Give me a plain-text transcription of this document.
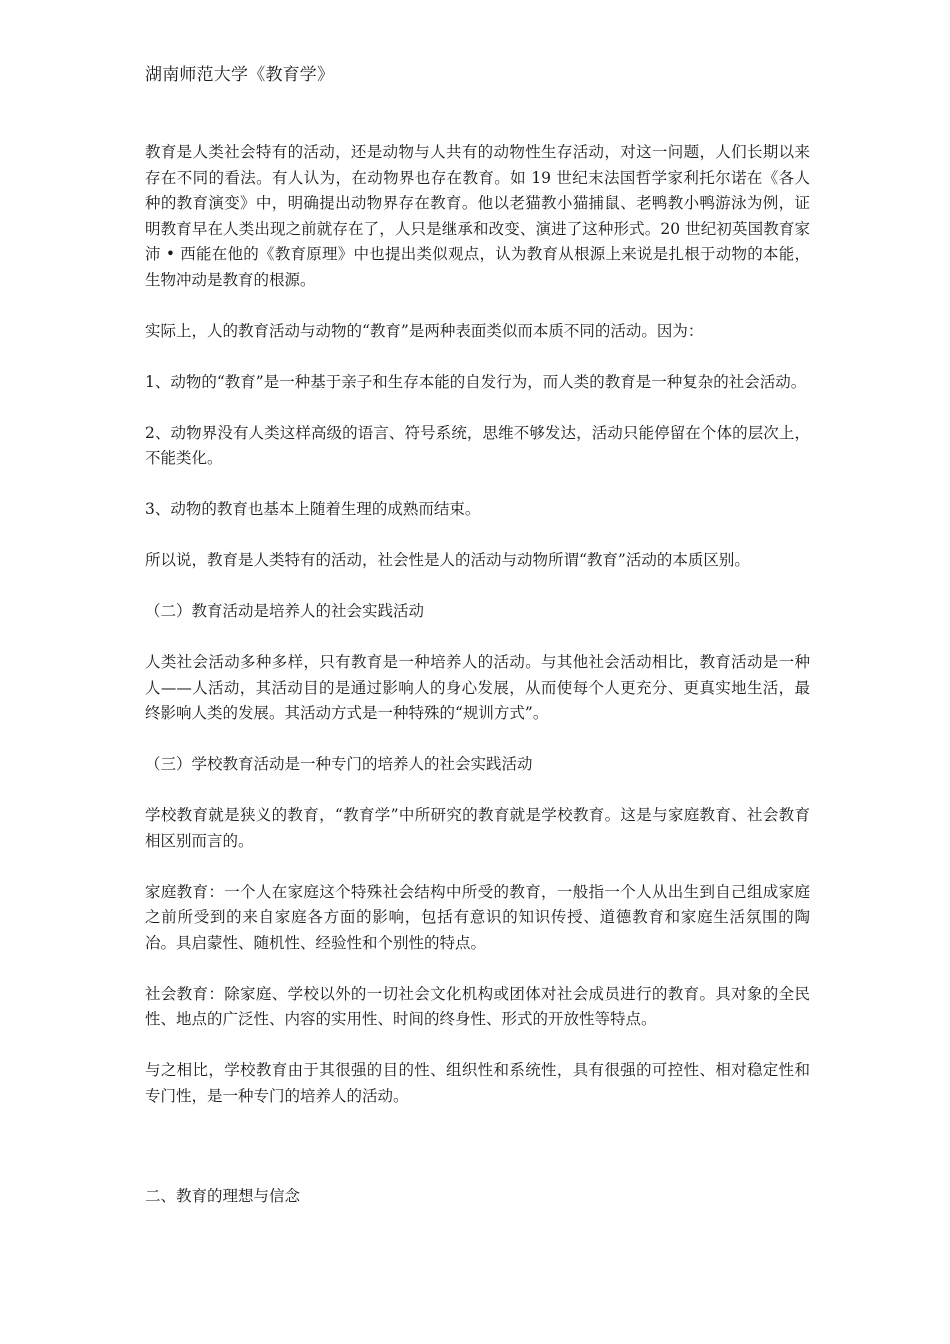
湖南师范大学《教育学》

教育是人类社会特有的活动，还是动物与人共有的动物性生存活动，对这一问题，人们长期以来存在不同的看法。有人认为，在动物界也存在教育。如 19 世纪末法国哲学家利托尔诺在《各人种的教育演变》中，明确提出动物界存在教育。他以老猫教小猫捕鼠、老鸭教小鸭游泳为例，证明教育早在人类出现之前就存在了，人只是继承和改变、演进了这种形式。20 世纪初英国教育家沛 • 西能在他的《教育原理》中也提出类似观点，认为教育从根源上来说是扎根于动物的本能，生物冲动是教育的根源。

实际上，人的教育活动与动物的“教育”是两种表面类似而本质不同的活动。因为：

1、动物的“教育”是一种基于亲子和生存本能的自发行为，而人类的教育是一种复杂的社会活动。

2、动物界没有人类这样高级的语言、符号系统，思维不够发达，活动只能停留在个体的层次上，不能类化。

3、动物的教育也基本上随着生理的成熟而结束。

所以说，教育是人类特有的活动，社会性是人的活动与动物所谓“教育”活动的本质区别。

（二）教育活动是培养人的社会实践活动

人类社会活动多种多样，只有教育是一种培养人的活动。与其他社会活动相比，教育活动是一种人——人活动，其活动目的是通过影响人的身心发展，从而使每个人更充分、更真实地生活，最终影响人类的发展。其活动方式是一种特殊的“规训方式”。

（三）学校教育活动是一种专门的培养人的社会实践活动

学校教育就是狭义的教育，“教育学”中所研究的教育就是学校教育。这是与家庭教育、社会教育相区别而言的。

家庭教育：一个人在家庭这个特殊社会结构中所受的教育，一般指一个人从出生到自己组成家庭之前所受到的来自家庭各方面的影响，包括有意识的知识传授、道德教育和家庭生活氛围的陶冶。具启蒙性、随机性、经验性和个别性的特点。

社会教育：除家庭、学校以外的一切社会文化机构或团体对社会成员进行的教育。具对象的全民性、地点的广泛性、内容的实用性、时间的终身性、形式的开放性等特点。

与之相比，学校教育由于其很强的目的性、组织性和系统性，具有很强的可控性、相对稳定性和专门性，是一种专门的培养人的活动。

二、教育的理想与信念
